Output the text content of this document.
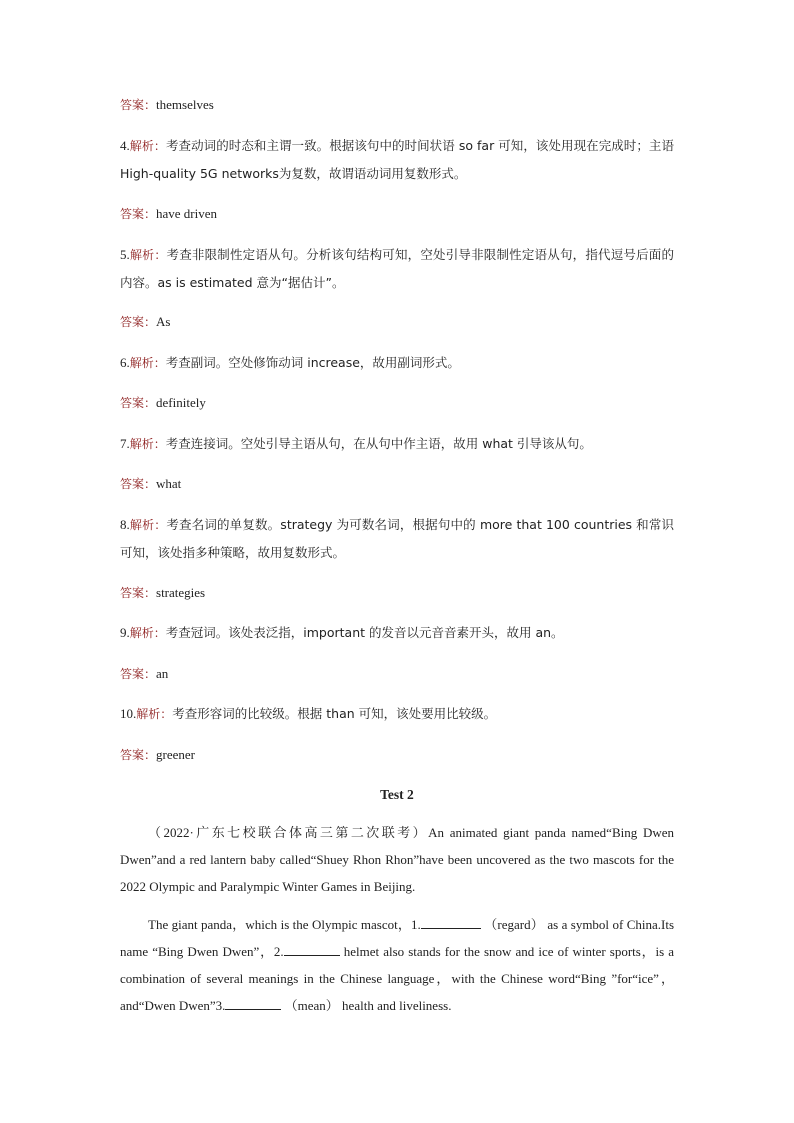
答案：themselves
4.解析：考查动词的时态和主谓一致。根据该句中的时间状语 so far 可知，该处用现在完成时；主语 High-quality 5G networks为复数，故谓语动词用复数形式。
答案：have driven
5.解析：考查非限制性定语从句。分析该句结构可知，空处引导非限制性定语从句，指代逗号后面的内容。as is estimated 意为“据估计”。
答案：As
6.解析：考查副词。空处修饰动词 increase，故用副词形式。
答案：definitely
7.解析：考查连接词。空处引导主语从句，在从句中作主语，故用 what 引导该从句。
答案：what
8.解析：考查名词的单复数。strategy 为可数名词，根据句中的 more that 100 countries 和常识可知，该处指多种策略，故用复数形式。
答案：strategies
9.解析：考查冠词。该处表泛指，important 的发音以元音音素开头，故用 an。
答案：an
10.解析：考查形容词的比较级。根据 than 可知，该处要用比较级。
答案：greener
Test 2
（2022·广东七校联合体高三第二次联考）An animated giant panda named“Bing Dwen Dwen”and a red lantern baby called“Shuey Rhon Rhon”have been uncovered as the two mascots for the 2022 Olympic and Paralympic Winter Games in Beijing.
The giant panda，which is the Olympic mascot，1.	（regard） as a symbol of China.Its name “Bing Dwen Dwen”，2.	helmet also stands for the snow and ice of winter sports，is a combination of several meanings in the Chinese language，with the Chinese word“Bing ”for“ice”，and“Dwen Dwen”3.	（mean） health and liveliness.
